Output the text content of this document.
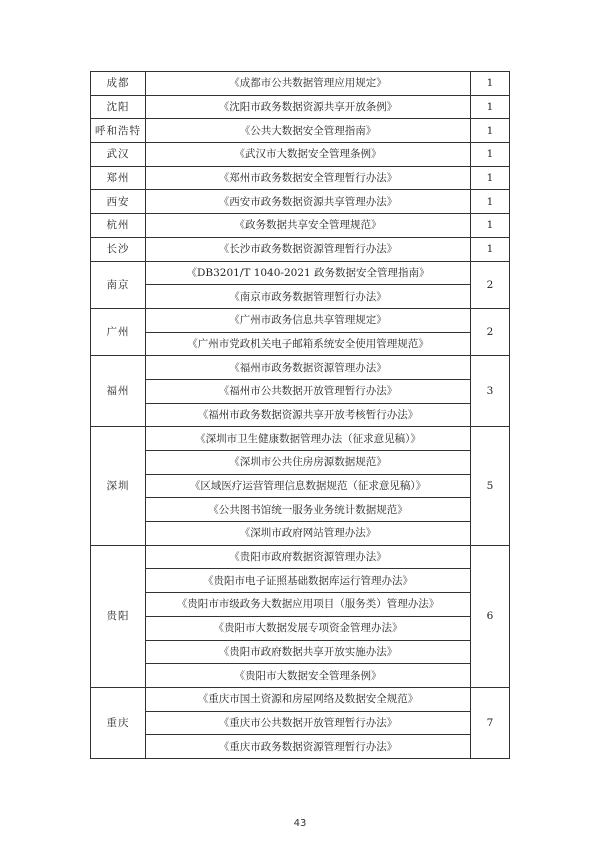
成都	《成都市公共数据管理应用规定》	1
沈阳	《沈阳市政务数据资源共享开放条例》	1
呼和浩特	《公共大数据安全管理指南》	1
武汉	《武汉市大数据安全管理条例》	1
郑州	《郑州市政务数据安全管理暂行办法》	1
西安	《西安市政务数据资源共享管理办法》	1
杭州	《政务数据共享安全管理规范》	1
长沙	《长沙市政务数据资源管理暂行办法》	1
南京	《DB3201/T 1040-2021 政务数据安全管理指南》	2
	《南京市政务数据管理暂行办法》	
广州	《广州市政务信息共享管理规定》	2
	《广州市党政机关电子邮箱系统安全使用管理规范》	
福州	《福州市政务数据资源管理办法》	3
	《福州市公共数据开放管理暂行办法》	
	《福州市政务数据资源共享开放考核暂行办法》	
深圳	《深圳市卫生健康数据管理办法（征求意见稿）》	5
	《深圳市公共住房房源数据规范》	
	《区域医疗运营管理信息数据规范（征求意见稿）》	
	《公共图书馆统一服务业务统计数据规范》	
	《深圳市政府网站管理办法》	
贵阳	《贵阳市政府数据资源管理办法》	6
	《贵阳市电子证照基础数据库运行管理办法》	
	《贵阳市市级政务大数据应用项目（服务类）管理办法》	
	《贵阳市大数据发展专项资金管理办法》	
	《贵阳市政府数据共享开放实施办法》	
	《贵阳市大数据安全管理条例》	
重庆	《重庆市国土资源和房屋网络及数据安全规范》	7
	《重庆市公共数据开放管理暂行办法》	
	《重庆市政务数据资源管理暂行办法》	
43
